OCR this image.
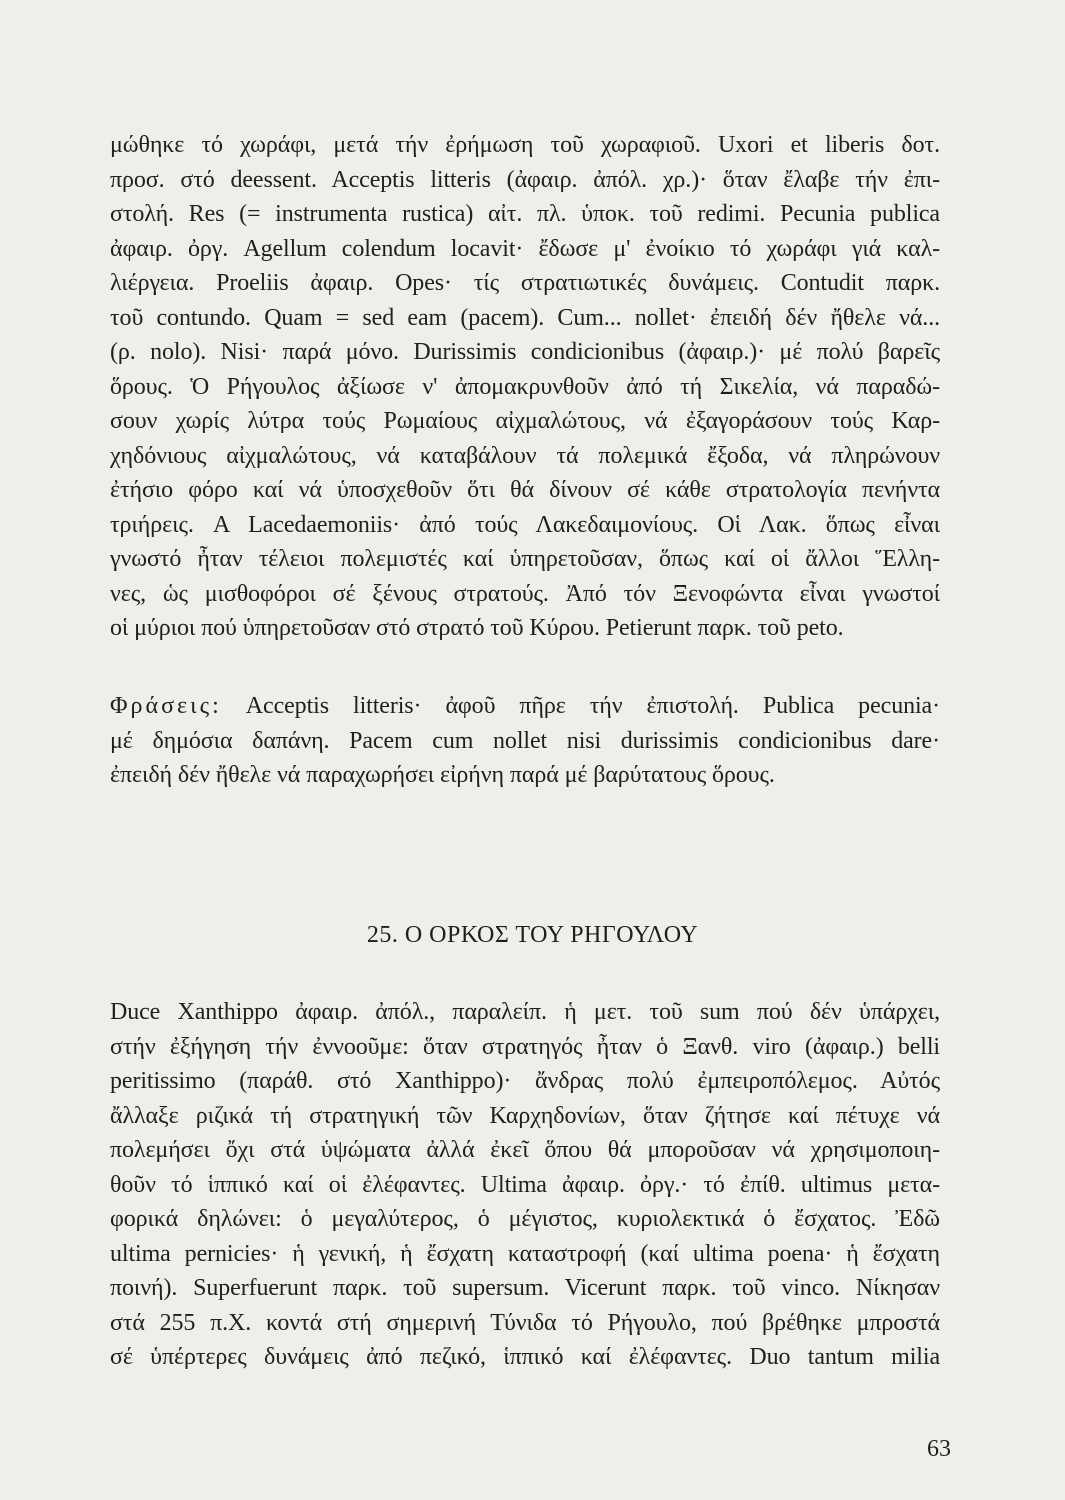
μώθηκε τό χωράφι, μετά τήν ἐρήμωση τοῦ χωραφιοῦ. Uxori et liberis δοτ.
προσ. στό deessent. Acceptis litteris (ἀφαιρ. ἀπόλ. χρ.)· ὅταν ἔλαβε τήν ἐπι-
στολή. Res (= instrumenta rustica) αἰτ. πλ. ὑποκ. τοῦ redimi. Pecunia publica
ἀφαιρ. ὀργ. Agellum colendum locavit· ἔδωσε μ' ἐνοίκιο τό χωράφι γιά καλ-
λιέργεια. Proeliis ἀφαιρ. Opes· τίς στρατιωτικές δυνάμεις. Contudit παρκ.
τοῦ contundo. Quam = sed eam (pacem). Cum... nollet· ἐπειδή δέν ἤθελε νά...
(ρ. nolo). Nisi· παρά μόνο. Durissimis condicionibus (ἀφαιρ.)· μέ πολύ βαρεῖς
ὅρους. Ὁ Ρήγουλος ἀξίωσε ν' ἀπομακρυνθοῦν ἀπό τή Σικελία, νά παραδώ-
σουν χωρίς λύτρα τούς Ρωμαίους αἰχμαλώτους, νά ἐξαγοράσουν τούς Καρ-
χηδόνιους αἰχμαλώτους, νά καταβάλουν τά πολεμικά ἔξοδα, νά πληρώνουν
ἐτήσιο φόρο καί νά ὑποσχεθοῦν ὅτι θά δίνουν σέ κάθε στρατολογία πενήντα
τριήρεις. A Lacedaemoniis· ἀπό τούς Λακεδαιμονίους. Οἱ Λακ. ὅπως εἶναι
γνωστό ἦταν τέλειοι πολεμιστές καί ὑπηρετοῦσαν, ὅπως καί οἱ ἄλλοι Ἕλλη-
νες, ὡς μισθοφόροι σέ ξένους στρατούς. Ἀπό τόν Ξενοφώντα εἶναι γνωστοί
οἱ μύριοι πού ὑπηρετοῦσαν στό στρατό τοῦ Κύρου. Petierunt παρκ. τοῦ peto.
Φράσεις: Acceptis litteris· ἀφοῦ πῆρε τήν ἐπιστολή. Publica pecunia·
μέ δημόσια δαπάνη. Pacem cum nollet nisi durissimis condicionibus dare·
ἐπειδή δέν ἤθελε νά παραχωρήσει εἰρήνη παρά μέ βαρύτατους ὅρους.
25. Ο ΟΡΚΟΣ ΤΟΥ ΡΗΓΟΥΛΟΥ
Duce Xanthippo ἀφαιρ. ἀπόλ., παραλείπ. ἡ μετ. τοῦ sum πού δέν ὑπάρχει,
στήν ἐξήγηση τήν ἐννοοῦμε: ὅταν στρατηγός ἦταν ὁ Ξανθ. viro (ἀφαιρ.) belli
peritissimo (παράθ. στό Xanthippo)· ἄνδρας πολύ ἐμπειροπόλεμος. Αὐτός
ἄλλαξε ριζικά τή στρατηγική τῶν Καρχηδονίων, ὅταν ζήτησε καί πέτυχε νά
πολεμήσει ὄχι στά ὑψώματα ἀλλά ἐκεῖ ὅπου θά μποροῦσαν νά χρησιμοποιη-
θοῦν τό ἱππικό καί οἱ ἐλέφαντες. Ultima ἀφαιρ. ὀργ.· τό ἐπίθ. ultimus μετα-
φορικά δηλώνει: ὁ μεγαλύτερος, ὁ μέγιστος, κυριολεκτικά ὁ ἔσχατος. Ἐδῶ
ultima pernicies· ἡ γενική, ἡ ἔσχατη καταστροφή (καί ultima poena· ἡ ἔσχατη
ποινή). Superfuerunt παρκ. τοῦ supersum. Vicerunt παρκ. τοῦ vinco. Νίκησαν
στά 255 π.Χ. κοντά στή σημερινή Τύνιδα τό Ρήγουλο, πού βρέθηκε μπροστά
σέ ὑπέρτερες δυνάμεις ἀπό πεζικό, ἱππικό καί ἐλέφαντες. Duo tantum milia
63
